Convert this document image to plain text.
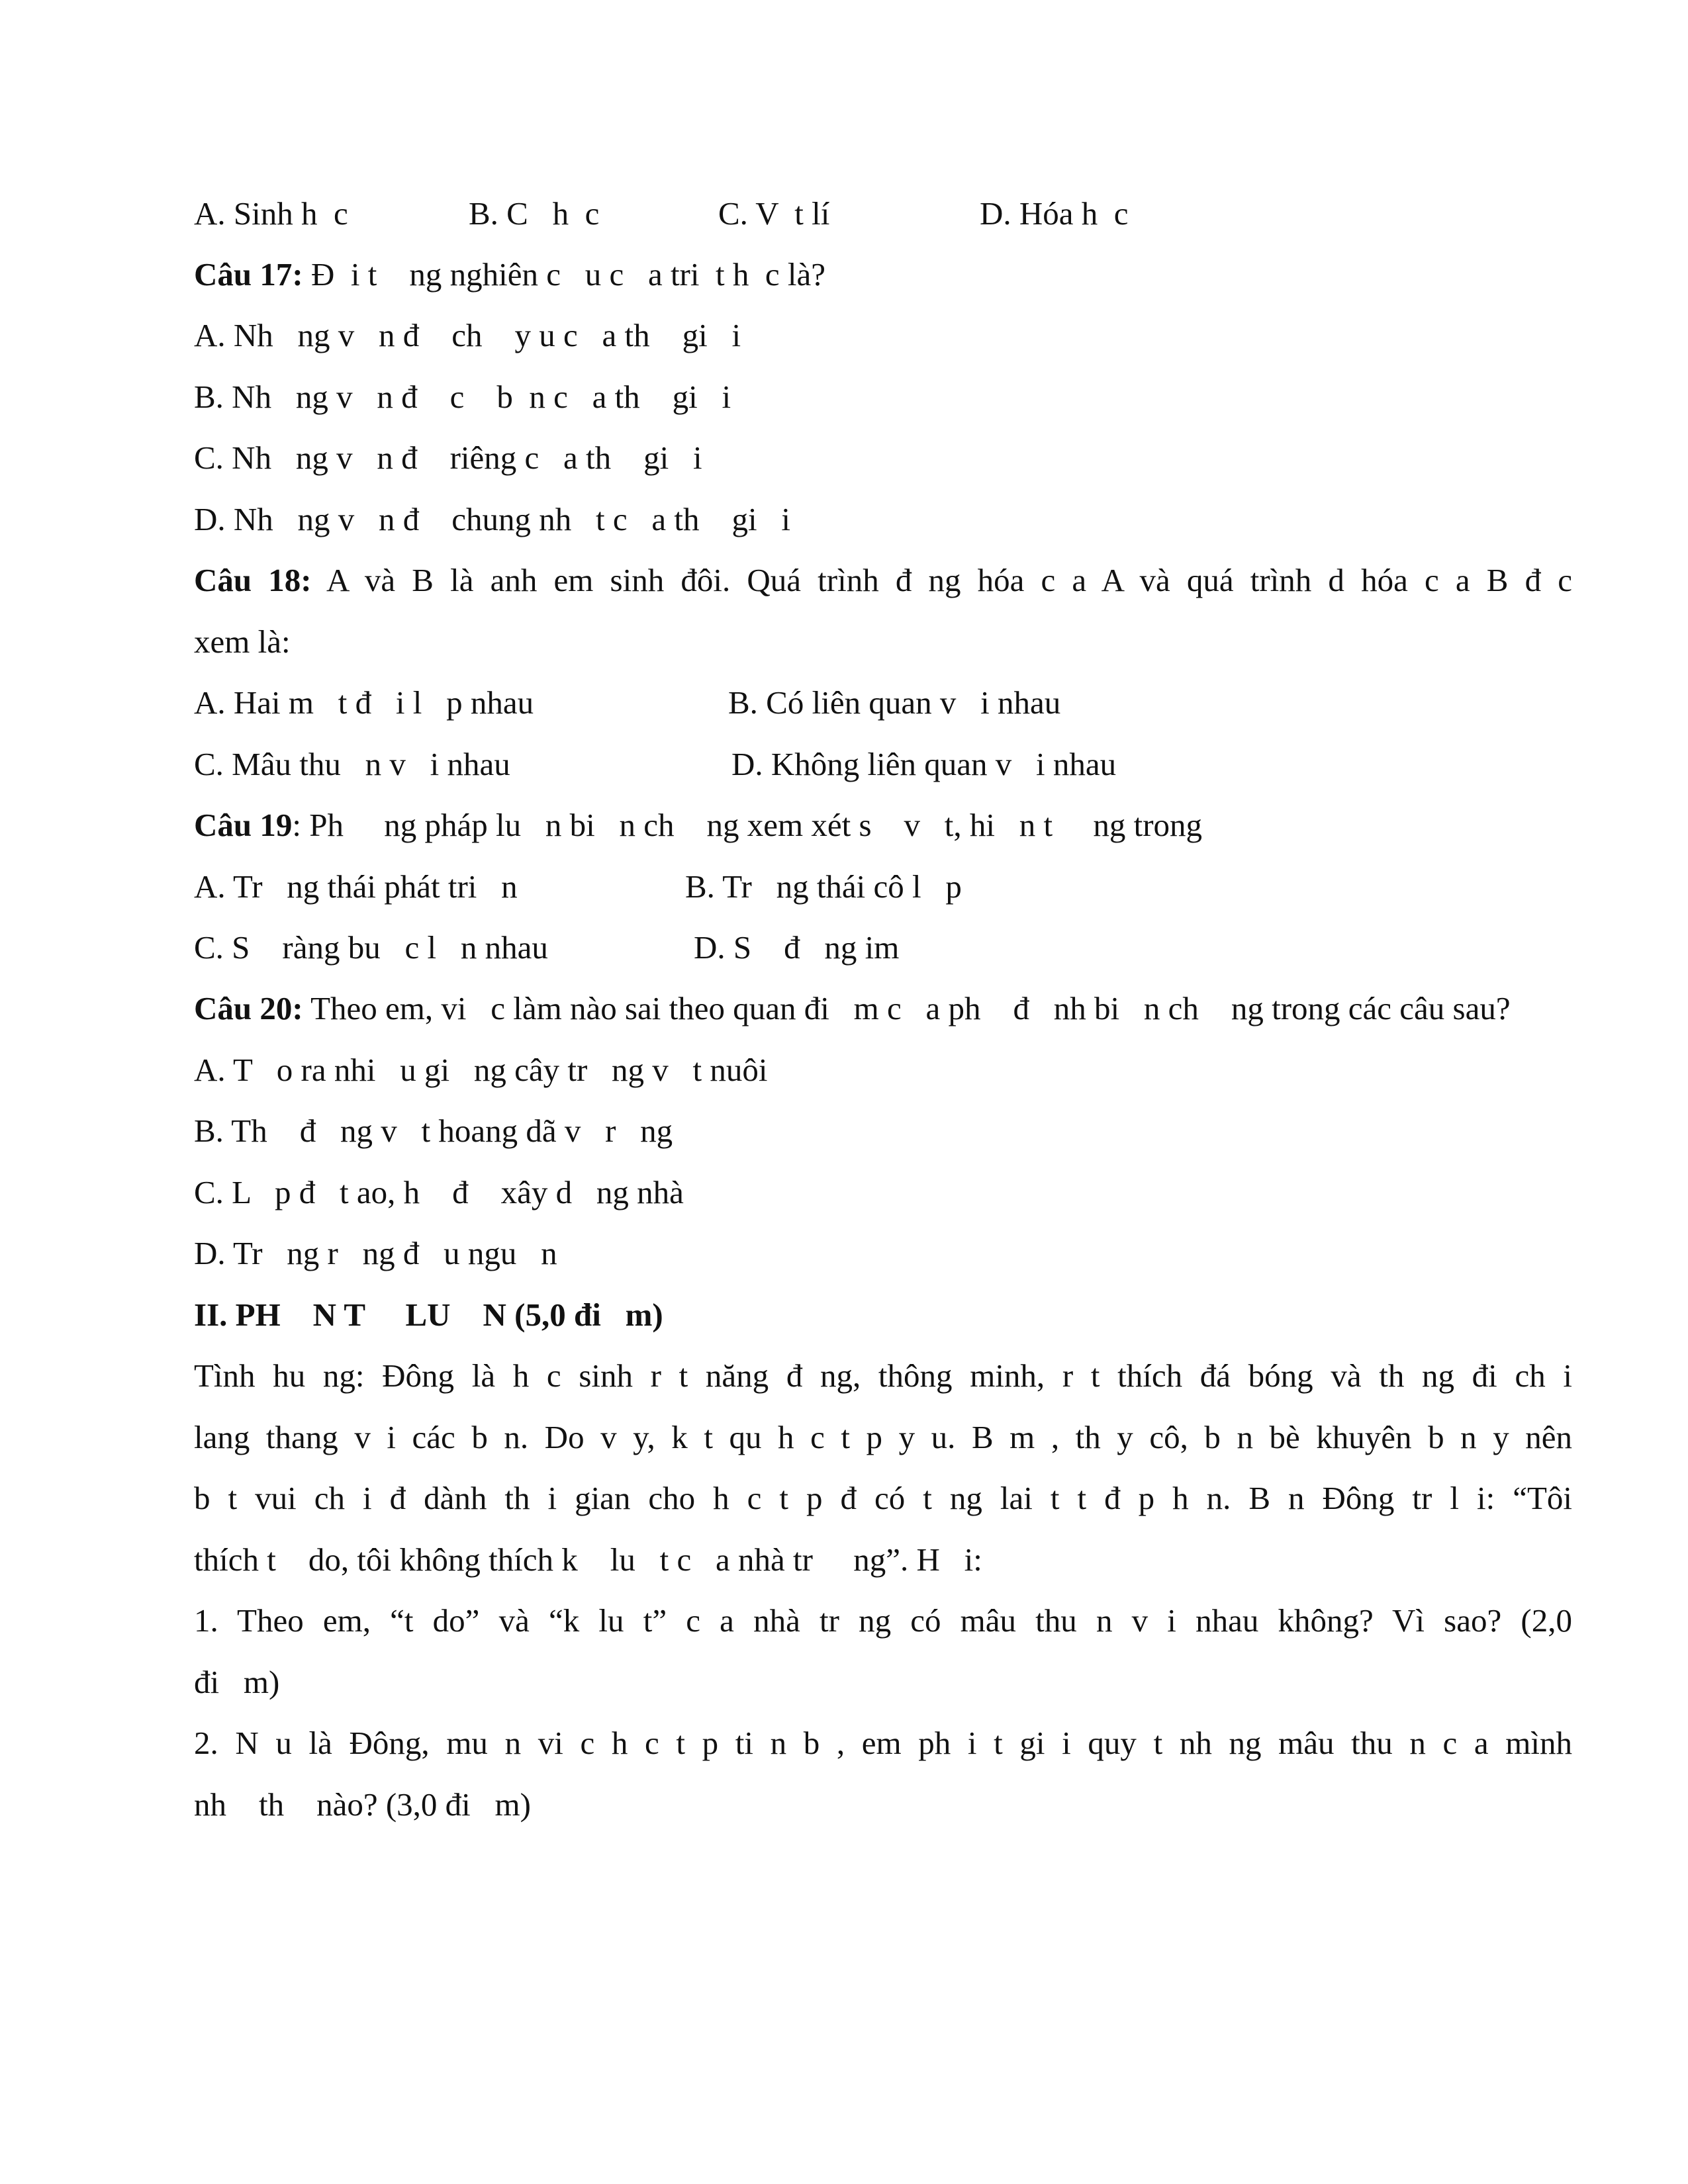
A. Sinh h  c	B. C   h  c	C. V  t lí	D. Hóa h  c
Câu 17: Đ  i t    ng nghiên c   u c   a tri  t h  c là?
A. Nh   ng v   n đ    ch    y u c   a th    gi   i
B. Nh   ng v   n đ    c    b  n c   a th    gi   i
C. Nh   ng v   n đ    riêng c   a th    gi   i
D. Nh   ng v   n đ    chung nh   t c   a th    gi   i
Câu 18: A và B là anh em sinh đôi. Quá trình đ ng hóa c a A và quá trình d hóa c a B đ c
xem là:
A. Hai m   t đ   i l   p nhau	B. Có liên quan v   i nhau
C. Mâu thu   n v   i nhau	D. Không liên quan v   i nhau
Câu 19: Ph     ng pháp lu   n bi   n ch    ng xem xét s    v   t, hi   n t     ng trong
A. Tr   ng thái phát tri   n	B. Tr   ng thái cô l   p
C. S    ràng bu   c l   n nhau	D. S    đ   ng im
Câu 20: Theo em, vi   c làm nào sai theo quan đi   m c   a ph    đ   nh bi   n ch    ng trong các câu sau?
A. T   o ra nhi   u gi   ng cây tr   ng v   t nuôi
B. Th    đ   ng v   t hoang dã v   r   ng
C. L   p đ   t ao, h    đ    xây d   ng nhà
D. Tr   ng r   ng đ   u ngu   n
II. PH    N T     LU    N (5,0 đi   m)
Tình hu ng: Đông là h c sinh r t năng đ ng, thông minh, r t thích đá bóng và th ng đi ch i
lang thang v i các b n. Do v y, k t qu h c t p y u. B m , th y cô, b n bè khuyên b n y nên
b t vui ch i đ dành th i gian cho h c t p đ có t ng lai t t đ p h n. B n Đông tr l i: “Tôi
thích t    do, tôi không thích k    lu   t c   a nhà tr     ng”. H   i:
1. Theo em, “t do” và “k lu t” c a nhà tr ng có mâu thu n v i nhau không? Vì sao? (2,0
đi   m)
2. N u là Đông, mu n vi c h c t p ti n b , em ph i t gi i quy t nh ng mâu thu n c a mình
nh    th    nào? (3,0 đi   m)
